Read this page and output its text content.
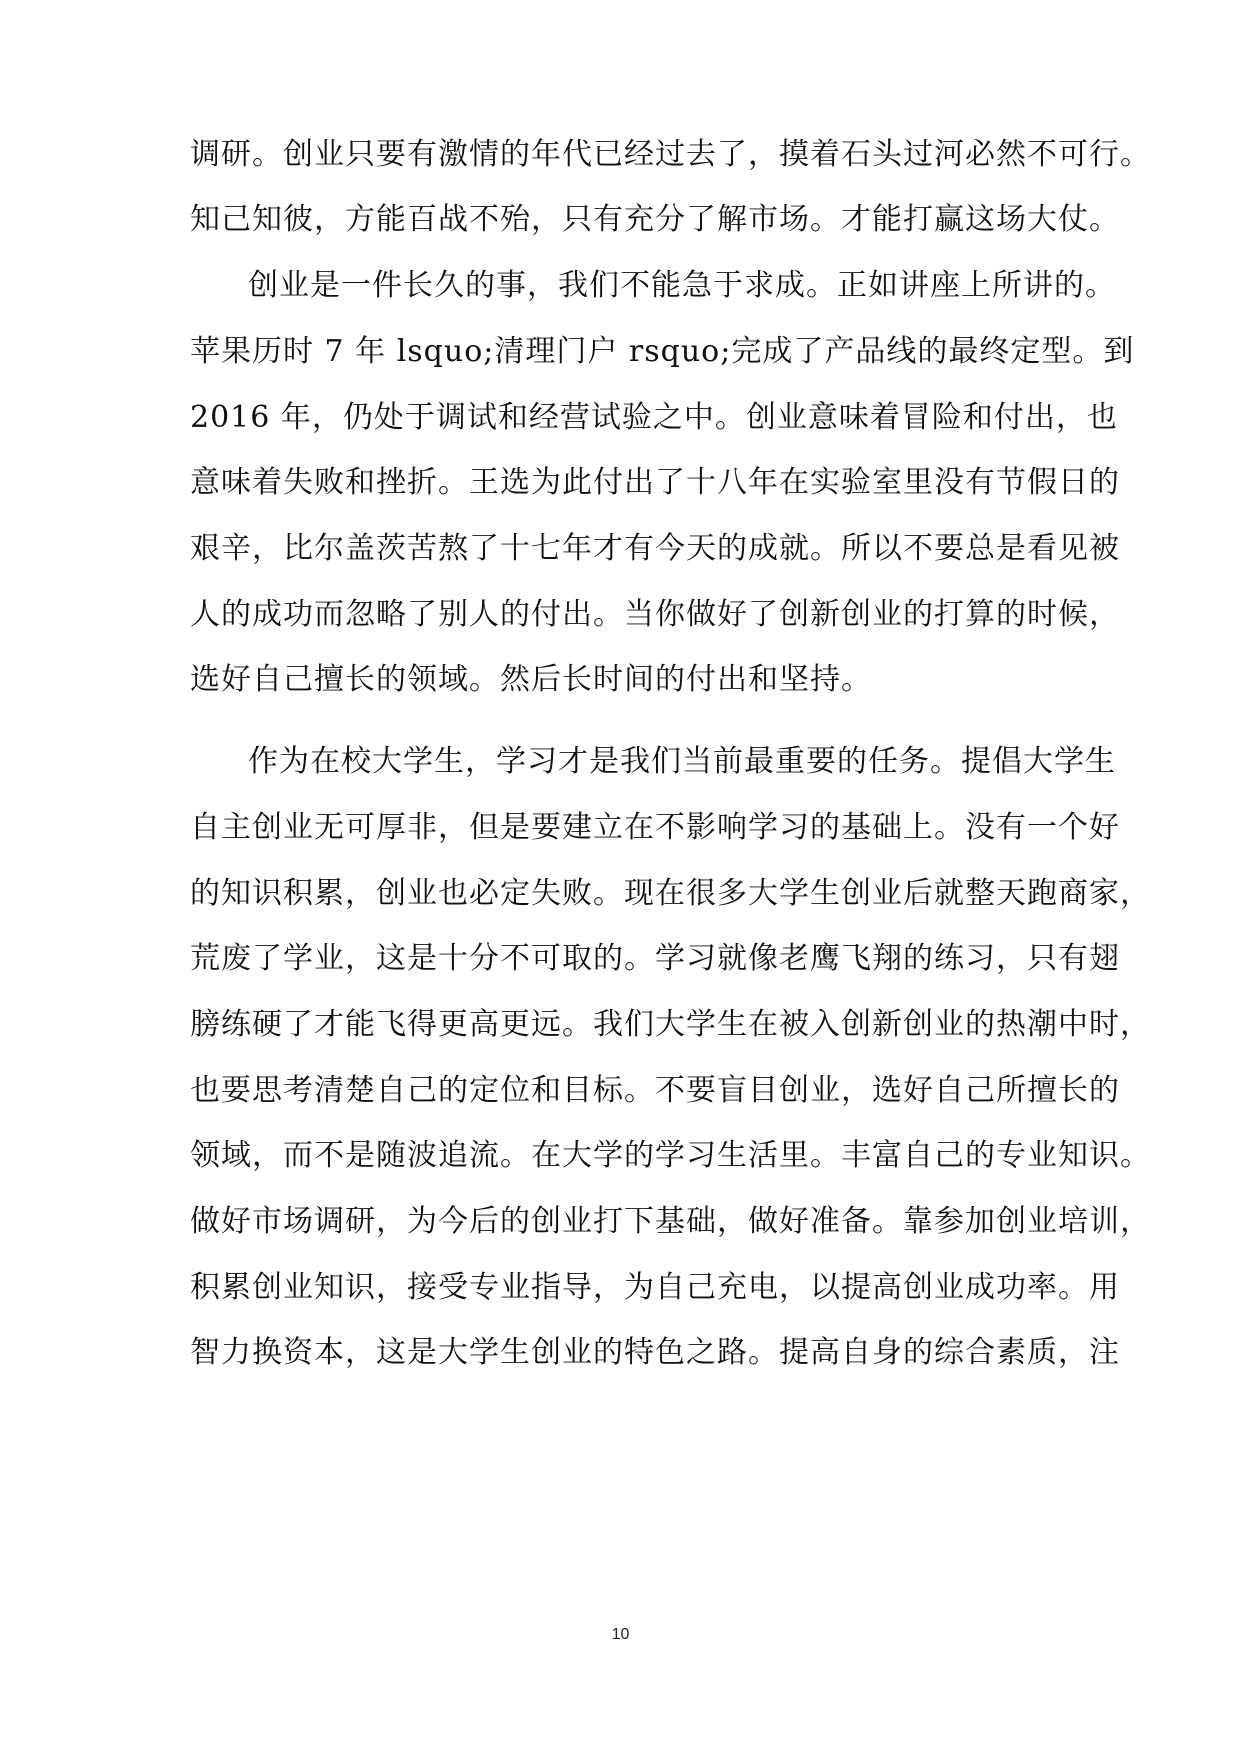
调研。创业只要有激情的年代已经过去了，摸着石头过河必然不可行。
知己知彼，方能百战不殆，只有充分了解市场。才能打赢这场大仗。
创业是一件长久的事，我们不能急于求成。正如讲座上所讲的。
苹果历时 7 年 lsquo;清理门户 rsquo;完成了产品线的最终定型。到
2016 年，仍处于调试和经营试验之中。创业意味着冒险和付出，也
意味着失败和挫折。王选为此付出了十八年在实验室里没有节假日的
艰辛，比尔盖茨苦熬了十七年才有今天的成就。所以不要总是看见被
人的成功而忽略了别人的付出。当你做好了创新创业的打算的时候，
选好自己擅长的领域。然后长时间的付出和坚持。
作为在校大学生，学习才是我们当前最重要的任务。提倡大学生
自主创业无可厚非，但是要建立在不影响学习的基础上。没有一个好
的知识积累，创业也必定失败。现在很多大学生创业后就整天跑商家，
荒废了学业，这是十分不可取的。学习就像老鹰飞翔的练习，只有翅
膀练硬了才能飞得更高更远。我们大学生在被入创新创业的热潮中时，
也要思考清楚自己的定位和目标。不要盲目创业，选好自己所擅长的
领域，而不是随波追流。在大学的学习生活里。丰富自己的专业知识。
做好市场调研，为今后的创业打下基础，做好准备。靠参加创业培训，
积累创业知识，接受专业指导，为自己充电，以提高创业成功率。用
智力换资本，这是大学生创业的特色之路。提高自身的综合素质，注
10
